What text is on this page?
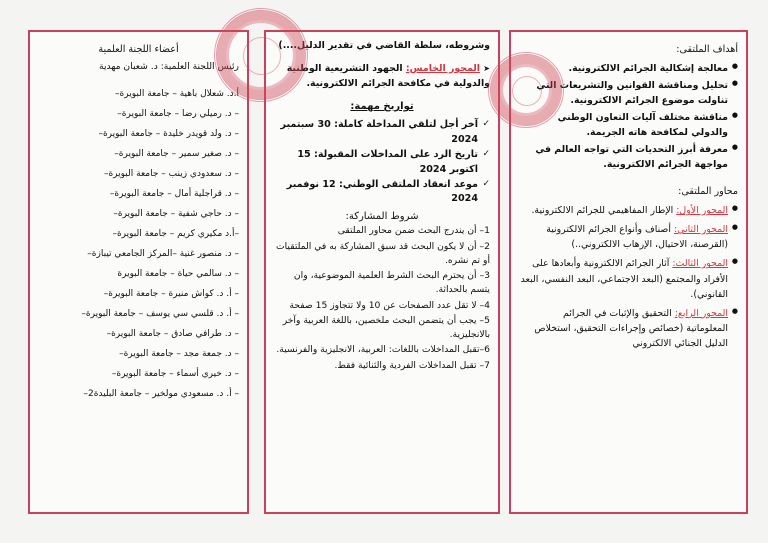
أعضاء اللجنة العلمية
رئيس اللجنة العلمية: د. شعبان مهدية
أ.د. شعلال باهية – جامعة البويرة–
– د. رميلي رضا – جامعة البويرة–
– د. ولد قويدر خليدة – جامعة البويرة–
– د. صغير سمير – جامعة البويرة–
– د. سعدودي زينب – جامعة البويرة–
– د. قراجلية أمال – جامعة البويرة–
– د. حاجي شفية – جامعة البويرة–
–أ.د مكيري كريم – جامعة البويرة–
– د. منصور غنية –المركز الجامعي تيبازة–
– د. سالمي حياة – جامعة البويرة
– أ. د. كواش منيرة – جامعة البويرة–
– أ. د. قلسي سي يوسف – جامعة البويرة–
– د. طرافي صادق – جامعة البويرة–
– د. جمعة مجد – جامعة البويرة–
– د. خيري أسماء – جامعة البويرة–
– أ. د. مسعودي مولخير – جامعة البليدة2–
وشروطه، سلطة القاضي في تقدير الدليل....)
➤ المحور الخامس: الجهود التشريعية الوطنية والدولية في مكافحة الجرائم الالكترونية.
تواريخ مهمة:
✓
آخر أجل لتلقي المداخلة كاملة: 30 سبتمبر 2024
✓
تاريخ الرد على المداخلات المقبولة: 15 اكتوبر 2024
✓
موعد انعقاد الملتقى الوطني: 12 نوفمبر 2024
شروط المشاركة:
1– أن يندرج البحث ضمن محاور الملتقى
2– أن لا يكون البحث قد سبق المشاركة به في الملتقيات أو تم نشره.
3– أن يحترم البحث الشرط العلمية الموضوعية، وان يتسم بالحداثة.
4– لا تقل عدد الصفحات عن 10 ولا تتجاوز 15 صفحة
5– يجب أن يتضمن البحث ملخصين، باللغة العربية وآخر بالانجليزية.
6–تقبل المداخلات باللغات: العربية، الانجليزية والفرنسية.
7– تقبل المداخلات الفردية والثنائية فقط.
أهداف الملتقى:
● معالجة إشكالية الجرائم الالكترونية.
● تحليل ومناقشة القوانين والتشريعات التي تناولت موضوع الجرائم الالكترونية.
● مناقشة مختلف آليات التعاون الوطني والدولي لمكافحة هاته الجريمة.
● معرفة أبرز التحديات التي تواجه العالم في مواجهة الجرائم الالكترونية.
محاور الملتقى:
● المحور الأول: الإطار المفاهيمي للجرائم الالكترونية.
● المحور الثاني: أصناف وأنواع الجرائم الالكترونية (القرصنة، الاحتيال، الإرهاب الالكتروني..)
● المحور الثالث: آثار الجرائم الالكترونية وأبعادها على الأفراد والمجتمع (البعد الاجتماعي، البعد النفسي، البعد القانوني).
● المحور الرابع: التحقيق والإثبات في الجرائم المعلوماتية (خصائص وإجراءات التحقيق، استخلاص الدليل الجنائي الالكتروني
